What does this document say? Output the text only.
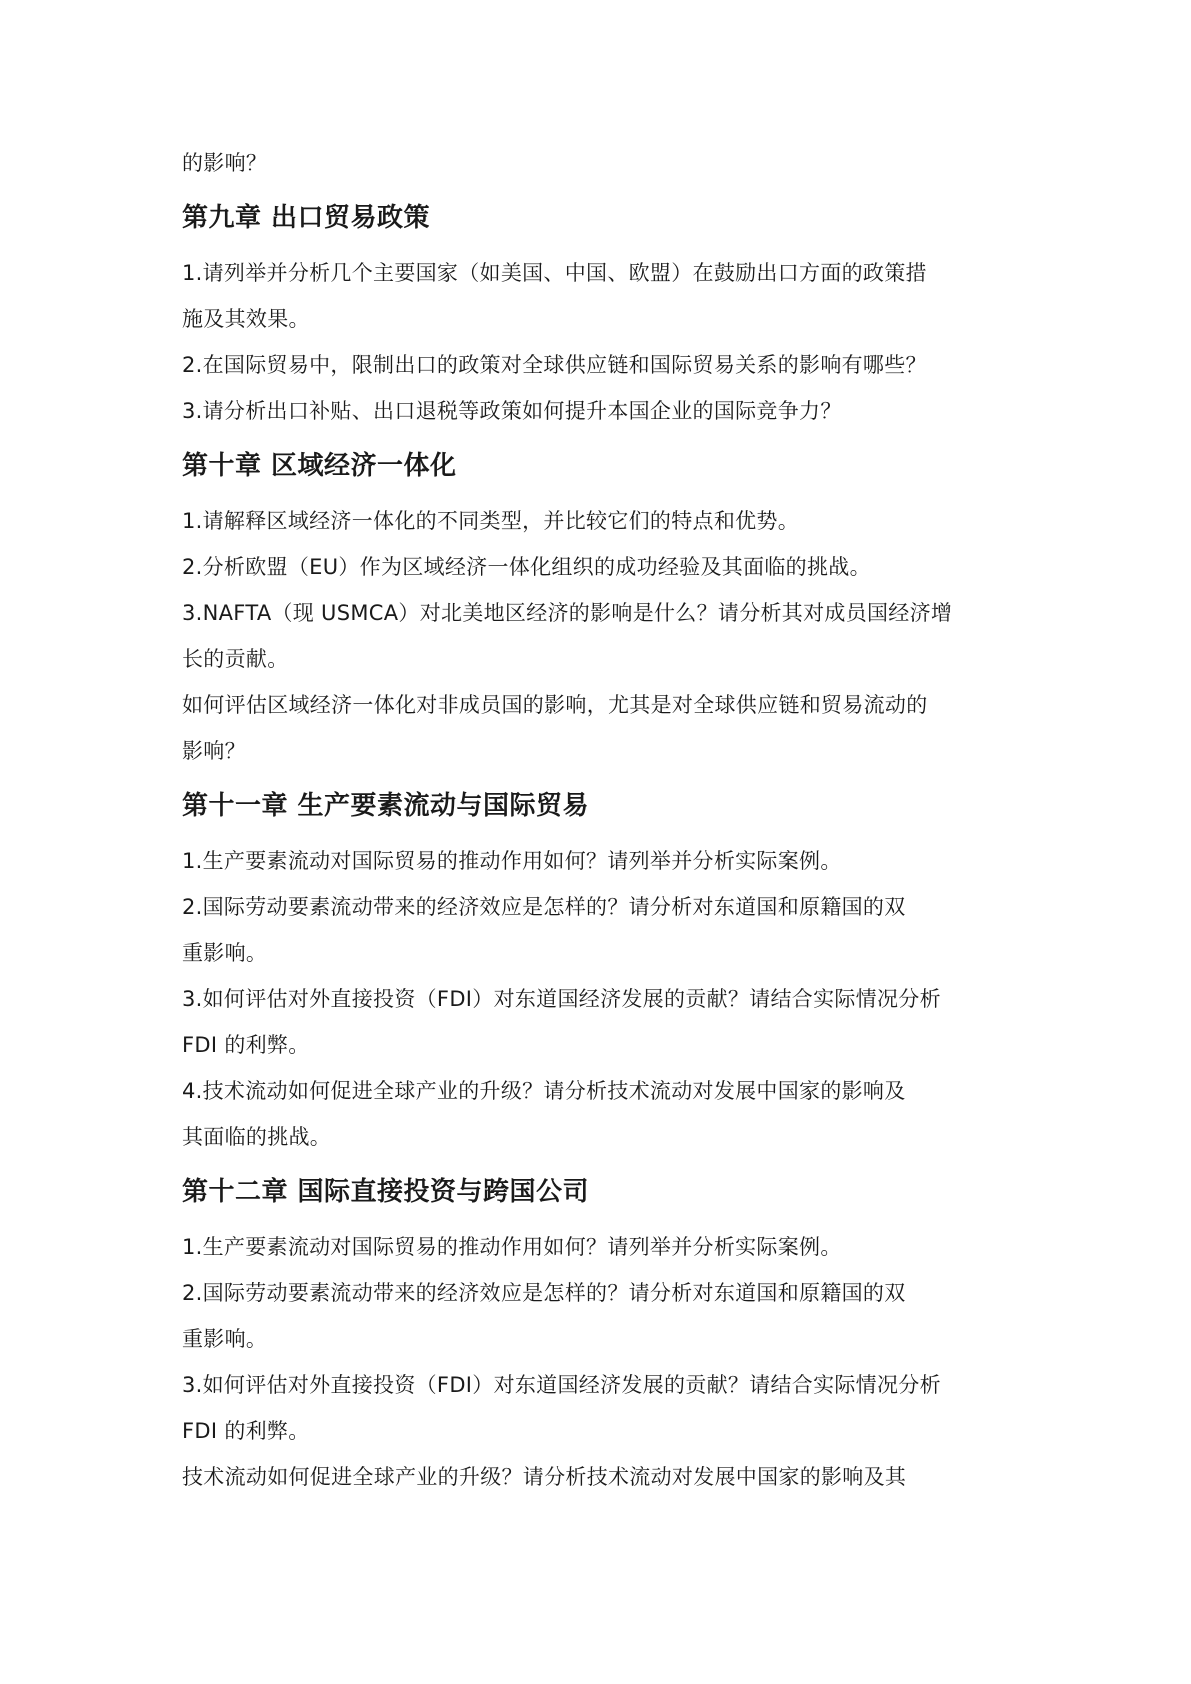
的影响？

第九章 出口贸易政策

1.请列举并分析几个主要国家（如美国、中国、欧盟）在鼓励出口方面的政策措
施及其效果。

2.在国际贸易中，限制出口的政策对全球供应链和国际贸易关系的影响有哪些？

3.请分析出口补贴、出口退税等政策如何提升本国企业的国际竞争力？

第十章 区域经济一体化

1.请解释区域经济一体化的不同类型，并比较它们的特点和优势。

2.分析欧盟（EU）作为区域经济一体化组织的成功经验及其面临的挑战。

3.NAFTA（现 USMCA）对北美地区经济的影响是什么？请分析其对成员国经济增
长的贡献。

如何评估区域经济一体化对非成员国的影响，尤其是对全球供应链和贸易流动的
影响？

第十一章 生产要素流动与国际贸易

1.生产要素流动对国际贸易的推动作用如何？请列举并分析实际案例。

2.国际劳动要素流动带来的经济效应是怎样的？请分析对东道国和原籍国的双
重影响。

3.如何评估对外直接投资（FDI）对东道国经济发展的贡献？请结合实际情况分析
FDI 的利弊。

4.技术流动如何促进全球产业的升级？请分析技术流动对发展中国家的影响及
其面临的挑战。

第十二章 国际直接投资与跨国公司

1.生产要素流动对国际贸易的推动作用如何？请列举并分析实际案例。

2.国际劳动要素流动带来的经济效应是怎样的？请分析对东道国和原籍国的双
重影响。

3.如何评估对外直接投资（FDI）对东道国经济发展的贡献？请结合实际情况分析
FDI 的利弊。

技术流动如何促进全球产业的升级？请分析技术流动对发展中国家的影响及其
